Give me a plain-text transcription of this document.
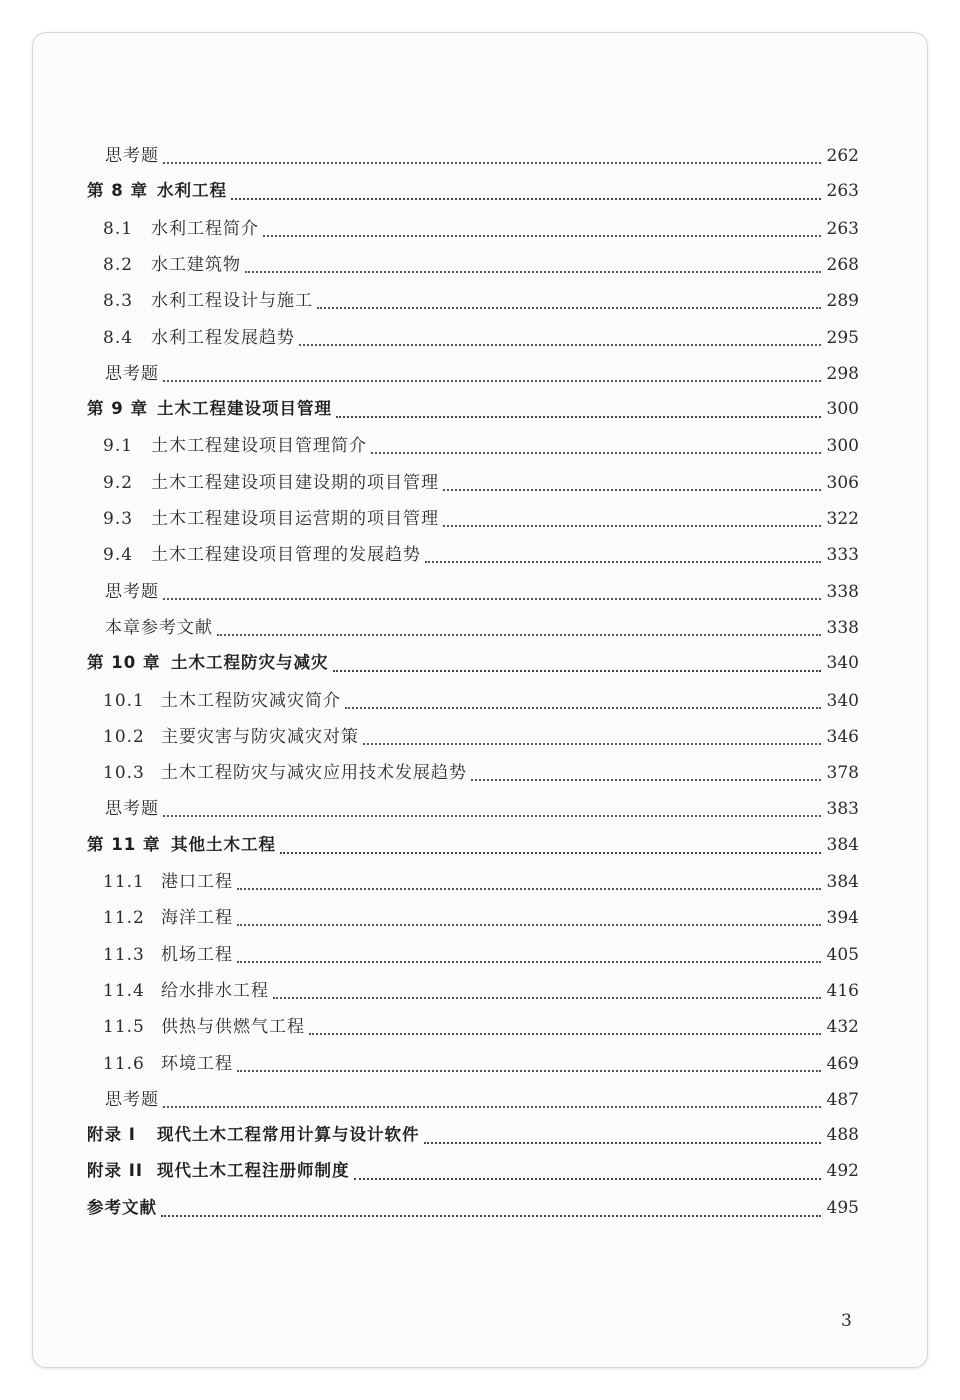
思考题	262
第 8 章 水利工程	263
8.1	水利工程简介	263
8.2	水工建筑物	268
8.3	水利工程设计与施工	289
8.4	水利工程发展趋势	295
思考题	298
第 9 章 土木工程建设项目管理	300
9.1	土木工程建设项目管理简介	300
9.2	土木工程建设项目建设期的项目管理	306
9.3	土木工程建设项目运营期的项目管理	322
9.4	土木工程建设项目管理的发展趋势	333
思考题	338
本章参考文献	338
第 10 章 土木工程防灾与减灾	340
10.1 土木工程防灾减灾简介	340
10.2 主要灾害与防灾减灾对策	346
10.3 土木工程防灾与减灾应用技术发展趋势	378
思考题	383
第 11 章 其他土木工程	384
11.1 港口工程	384
11.2 海洋工程	394
11.3 机场工程	405
11.4 给水排水工程	416
11.5 供热与供燃气工程	432
11.6 环境工程	469
思考题	487
附录 I	现代土木工程常用计算与设计软件	488
附录 II 现代土木工程注册师制度	492
参考文献	495
3
